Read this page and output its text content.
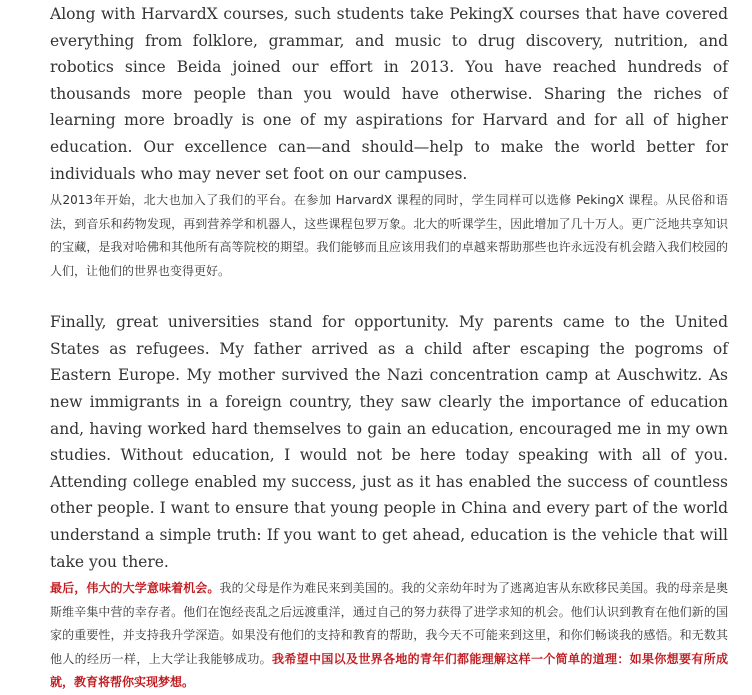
Along with HarvardX courses, such students take PekingX courses that have covered everything from folklore, grammar, and music to drug discovery, nutrition, and robotics since Beida joined our effort in 2013. You have reached hundreds of thousands more people than you would have otherwise. Sharing the riches of learning more broadly is one of my aspirations for Harvard and for all of higher education. Our excellence can—and should—help to make the world better for individuals who may never set foot on our campuses.

从2013年开始，北大也加入了我们的平台。在参加 HarvardX 课程的同时，学生同样可以选修 PekingX 课程。从民俗和语法，到音乐和药物发现，再到营养学和机器人，这些课程包罗万象。北大的听课学生，因此增加了几十万人。更广泛地共享知识的宝藏，是我对哈佛和其他所有高等院校的期望。我们能够而且应该用我们的卓越来帮助那些也许永远没有机会踏入我们校园的人们，让他们的世界也变得更好。

Finally, great universities stand for opportunity. My parents came to the United States as refugees. My father arrived as a child after escaping the pogroms of Eastern Europe. My mother survived the Nazi concentration camp at Auschwitz. As new immigrants in a foreign country, they saw clearly the importance of education and, having worked hard themselves to gain an education, encouraged me in my own studies. Without education, I would not be here today speaking with all of you. Attending college enabled my success, just as it has enabled the success of countless other people. I want to ensure that young people in China and every part of the world understand a simple truth: If you want to get ahead, education is the vehicle that will take you there.

最后，伟大的大学意味着机会。我的父母是作为难民来到美国的。我的父亲幼年时为了逃离迫害从东欧移民美国。我的母亲是奥斯维辛集中营的幸存者。他们在饱经丧乱之后远渡重洋，通过自己的努力获得了进学求知的机会。他们认识到教育在他们新的国家的重要性，并支持我升学深造。如果没有他们的支持和教育的帮助，我今天不可能来到这里，和你们畅谈我的感悟。和无数其他人的经历一样，上大学让我能够成功。我希望中国以及世界各地的青年们都能理解这样一个简单的道理：如果你想要有所成就，教育将帮你实现梦想。
